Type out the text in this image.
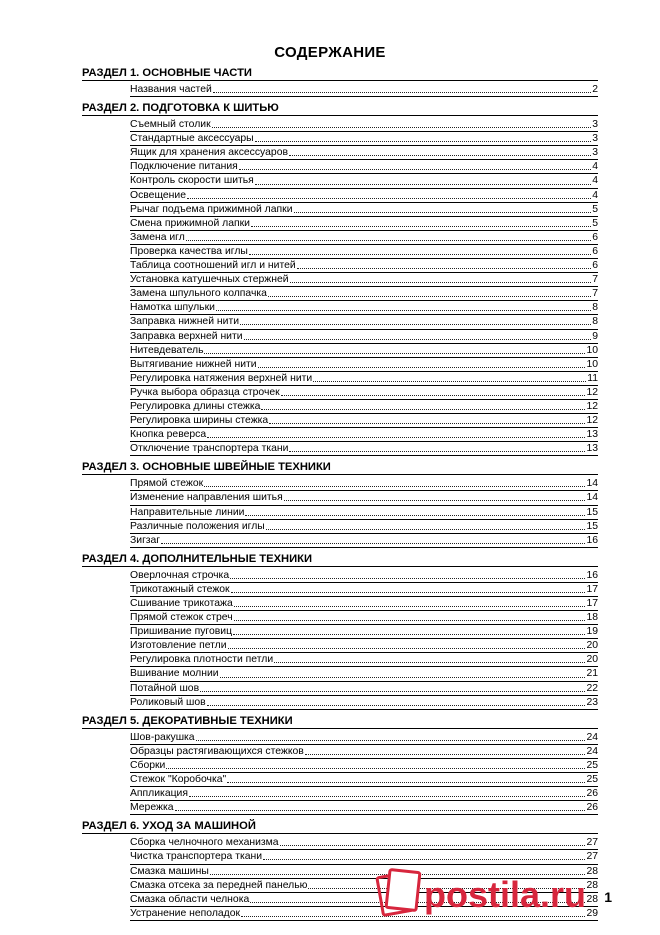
СОДЕРЖАНИЕ
РАЗДЕЛ 1. ОСНОВНЫЕ ЧАСТИ
Названия частей	2
РАЗДЕЛ 2. ПОДГОТОВКА К ШИТЬЮ
Съемный столик	3
Стандартные аксессуары	3
Ящик для хранения аксессуаров	3
Подключение питания	4
Контроль скорости шитья	4
Освещение	4
Рычаг подъема прижимной лапки	5
Смена прижимной лапки	5
Замена игл	6
Проверка качества иглы	6
Таблица соотношений игл и нитей	6
Установка катушечных стержней	7
Замена шпульного колпачка	7
Намотка шпульки	8
Заправка нижней нити	8
Заправка верхней нити	9
Нитевдеватель	10
Вытягивание нижней нити	10
Регулировка натяжения верхней нити	11
Ручка выбора образца строчек	12
Регулировка длины стежка	12
Регулировка ширины стежка	12
Кнопка реверса	13
Отключение транспортера ткани	13
РАЗДЕЛ 3. ОСНОВНЫЕ ШВЕЙНЫЕ ТЕХНИКИ
Прямой стежок	14
Изменение направления шитья	14
Направительные линии	15
Различные положения иглы	15
Зигзаг	16
РАЗДЕЛ 4. ДОПОЛНИТЕЛЬНЫЕ ТЕХНИКИ
Оверлочная строчка	16
Трикотажный стежок	17
Сшивание трикотажа	17
Прямой стежок стреч	18
Пришивание пуговиц	19
Изготовление петли	20
Регулировка плотности петли	20
Вшивание молнии	21
Потайной шов	22
Роликовый шов	23
РАЗДЕЛ 5. ДЕКОРАТИВНЫЕ ТЕХНИКИ
Шов-ракушка	24
Образцы растягивающихся стежков	24
Сборки	25
Стежок "Коробочка"	25
Аппликация	26
Мережка	26
РАЗДЕЛ 6. УХОД ЗА МАШИНОЙ
Сборка челночного механизма	27
Чистка транспортера ткани	27
Смазка машины	28
Смазка отсека за передней панелью	28
Смазка области челнока	28
Устранение неполадок	29
postila.ru 1
